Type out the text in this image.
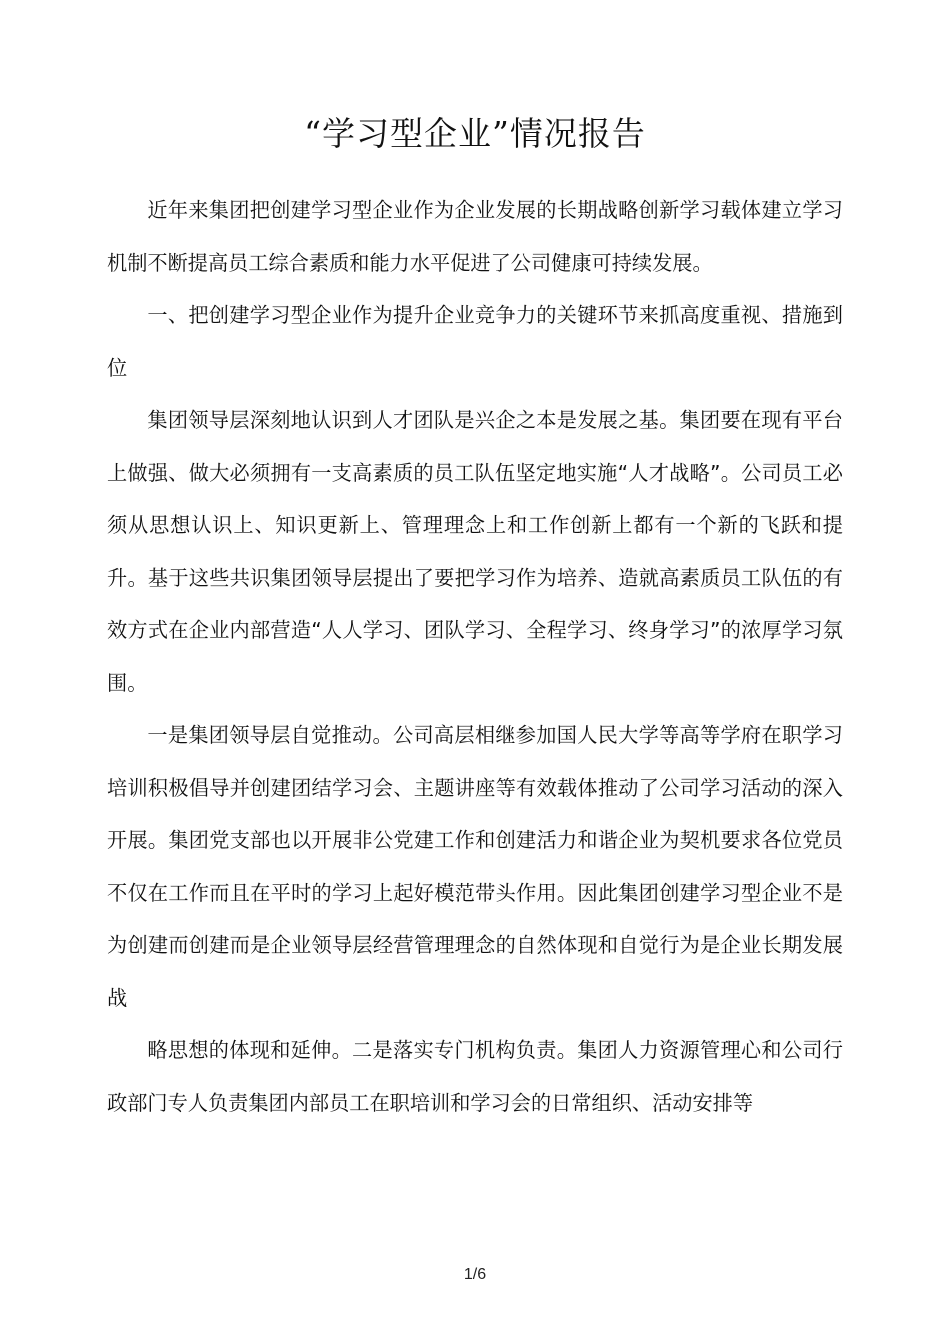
“学习型企业”情况报告

近年来集团把创建学习型企业作为企业发展的长期战略创新学习载体建立学习机制不断提高员工综合素质和能力水平促进了公司健康可持续发展。

一、把创建学习型企业作为提升企业竞争力的关键环节来抓高度重视、措施到位

集团领导层深刻地认识到人才团队是兴企之本是发展之基。集团要在现有平台上做强、做大必须拥有一支高素质的员工队伍坚定地实施“人才战略”。公司员工必须从思想认识上、知识更新上、管理理念上和工作创新上都有一个新的飞跃和提升。基于这些共识集团领导层提出了要把学习作为培养、造就高素质员工队伍的有效方式在企业内部营造“人人学习、团队学习、全程学习、终身学习”的浓厚学习氛围。

一是集团领导层自觉推动。公司高层相继参加国人民大学等高等学府在职学习培训积极倡导并创建团结学习会、主题讲座等有效载体推动了公司学习活动的深入开展。集团党支部也以开展非公党建工作和创建活力和谐企业为契机要求各位党员不仅在工作而且在平时的学习上起好模范带头作用。因此集团创建学习型企业不是为创建而创建而是企业领导层经营管理理念的自然体现和自觉行为是企业长期发展战

略思想的体现和延伸。二是落实专门机构负责。集团人力资源管理心和公司行政部门专人负责集团内部员工在职培训和学习会的日常组织、活动安排等

1/6
